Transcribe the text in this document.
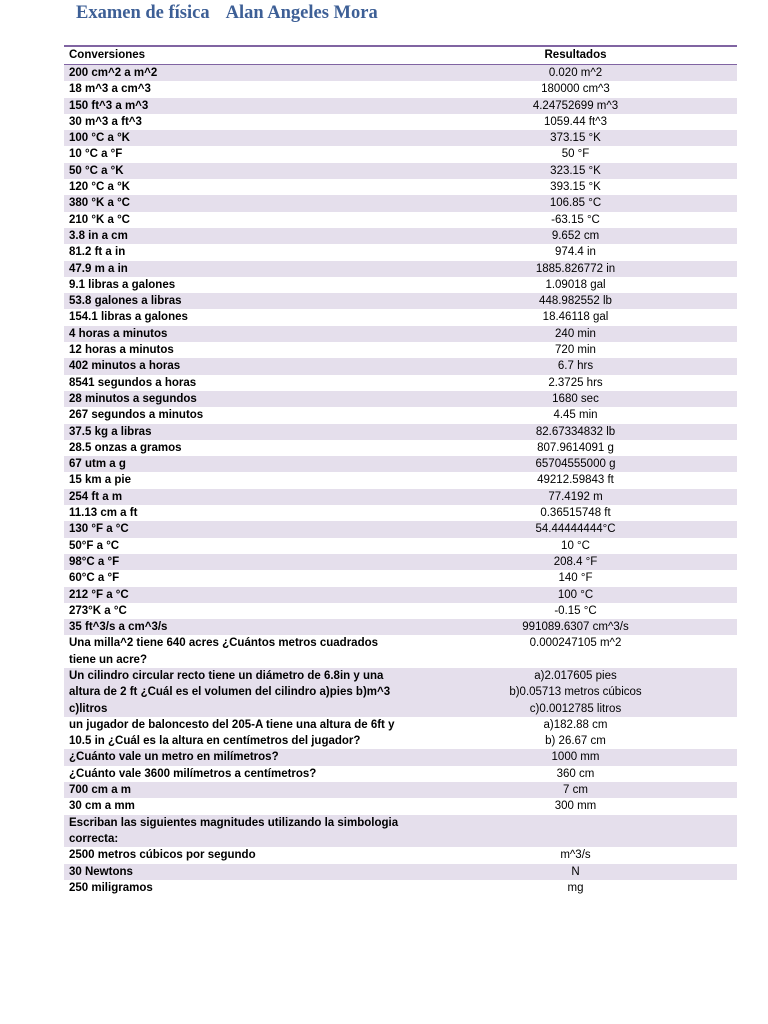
Examen de física Alan Angeles Mora
Conversiones	Resultados
200 cm^2 a m^2	0.020 m^2
18 m^3 a cm^3	180000 cm^3
150 ft^3 a m^3	4.24752699 m^3
30 m^3 a ft^3	1059.44 ft^3
100 °C a °K	373.15 °K
10 °C a °F	50 °F
50 °C a °K	323.15 °K
120 °C a °K	393.15 °K
380 °K a °C	106.85 °C
210 °K a °C	-63.15 °C
3.8 in a cm	9.652 cm
81.2 ft a in	974.4 in
47.9 m a in	1885.826772 in
9.1 libras a galones	1.09018 gal
53.8 galones a libras	448.982552 lb
154.1 libras a galones	18.46118 gal
4 horas a minutos	240 min
12 horas a minutos	720 min
402 minutos a horas	6.7 hrs
8541 segundos a horas	2.3725 hrs
28 minutos a segundos	1680 sec
267 segundos a minutos	4.45 min
37.5 kg a libras	82.67334832 lb
28.5 onzas a gramos	807.9614091 g
67 utm a g	65704555000 g
15 km a pie	49212.59843 ft
254 ft a m	77.4192 m
11.13 cm a ft	0.36515748 ft
130 °F a °C	54.44444444°C
50°F a °C	10 °C
98°C a °F	208.4 °F
60°C a °F	140 °F
212 °F a °C	100 °C
273°K a °C	-0.15 °C
35 ft^3/s a cm^3/s	991089.6307 cm^3/s

Una milla^2 tiene 640 acres ¿Cuántos metros cuadrados
tiene un acre?	0.000247105 m^2

Un cilindro circular recto tiene un diámetro de 6.8in y una
altura de 2 ft ¿Cuál es el volumen del cilindro a)pies b)m^3
c)litros	a)2.017605 pies
b)0.05713 metros cúbicos
c)0.0012785 litros

un jugador de baloncesto del 205-A tiene una altura de 6ft y
10.5 in ¿Cuál es la altura en centímetros del jugador?	a)182.88 cm
b) 26.67 cm

¿Cuánto vale un metro en milímetros?	1000 mm
¿Cuánto vale 3600 milímetros a centímetros?	360 cm
700 cm a m	7 cm
30 cm a mm	300 mm

Escriban las siguientes magnitudes utilizando la simbologia
correcta:	

2500 metros cúbicos por segundo	m^3/s
30 Newtons	N
250 miligramos	mg
